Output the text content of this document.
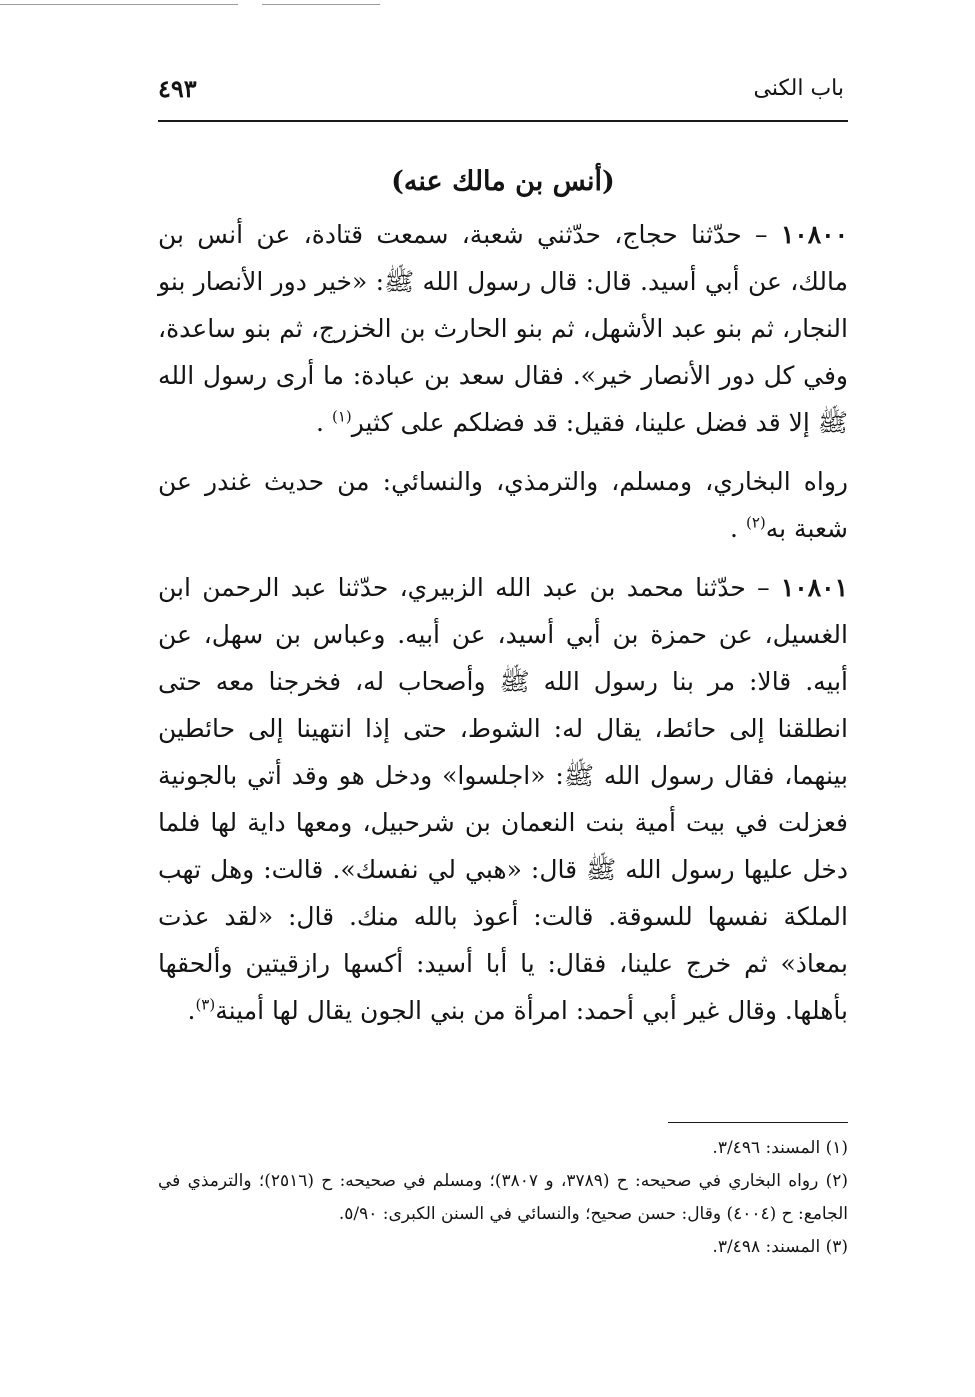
باب الكنى
٤٩٣
(أنس بن مالك عنه)

١٠٨٠٠ – حدّثنا حجاج، حدّثني شعبة، سمعت قتادة، عن أنس بن مالك، عن أبي أسيد. قال: قال رسول الله ﷺ: «خير دور الأنصار بنو النجار، ثم بنو عبد الأشهل، ثم بنو الحارث بن الخزرج، ثم بنو ساعدة، وفي كل دور الأنصار خير». فقال سعد بن عبادة: ما أرى رسول الله ﷺ إلا قد فضل علينا، فقيل: قد فضلكم على كثير$^{(١)}$ .

رواه البخاري، ومسلم، والترمذي، والنسائي: من حديث غندر عن شعبة به$^{(٢)}$ .

١٠٨٠١ – حدّثنا محمد بن عبد الله الزبيري، حدّثنا عبد الرحمن ابن الغسيل، عن حمزة بن أبي أسيد، عن أبيه. وعباس بن سهل، عن أبيه. قالا: مر بنا رسول الله ﷺ وأصحاب له، فخرجنا معه حتى انطلقنا إلى حائط، يقال له: الشوط، حتى إذا انتهينا إلى حائطين بينهما، فقال رسول الله ﷺ: «اجلسوا» ودخل هو وقد أتي بالجونية فعزلت في بيت أمية بنت النعمان بن شرحبيل، ومعها داية لها فلما دخل عليها رسول الله ﷺ قال: «هبي لي نفسك». قالت: وهل تهب الملكة نفسها للسوقة. قالت: أعوذ بالله منك. قال: «لقد عذت بمعاذ» ثم خرج علينا، فقال: يا أبا أسيد: أكسها رازقيتين وألحقها بأهلها. وقال غير أبي أحمد: امرأة من بني الجون يقال لها أمينة$^{(٣)}$.

(١) المسند: ٣/٤٩٦.

(٢) رواه البخاري في صحيحه: ح (٣٧٨٩، و ٣٨٠٧)؛ ومسلم في صحيحه: ح (٢٥١٦)؛ والترمذي في الجامع: ح (٤٠٠٤) وقال: حسن صحيح؛ والنسائي في السنن الكبرى: ٥/٩٠.

(٣) المسند: ٣/٤٩٨.
